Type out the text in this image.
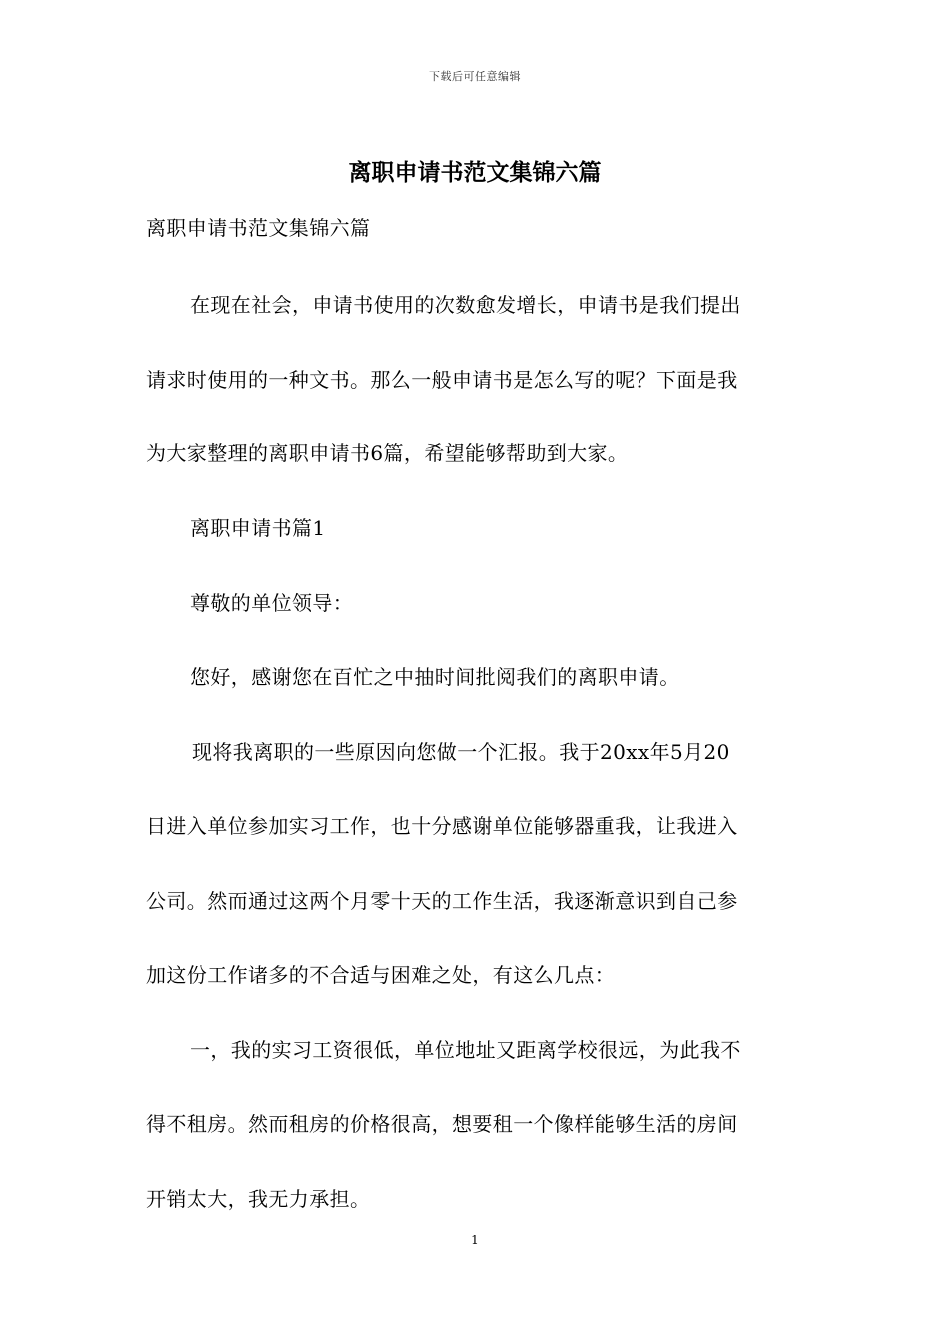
下载后可任意编辑
离职申请书范文集锦六篇

离职申请书范文集锦六篇

在现在社会，申请书使用的次数愈发增长，申请书是我们提出

请求时使用的一种文书。那么一般申请书是怎么写的呢？下面是我

为大家整理的离职申请书6篇，希望能够帮助到大家。

离职申请书篇1

尊敬的单位领导：

您好，感谢您在百忙之中抽时间批阅我们的离职申请。

现将我离职的一些原因向您做一个汇报。我于20xx年5月20

日进入单位参加实习工作，也十分感谢单位能够器重我，让我进入

公司。然而通过这两个月零十天的工作生活，我逐渐意识到自己参

加这份工作诸多的不合适与困难之处，有这么几点：

一，我的实习工资很低，单位地址又距离学校很远，为此我不

得不租房。然而租房的价格很高，想要租一个像样能够生活的房间

开销太大，我无力承担。

1
